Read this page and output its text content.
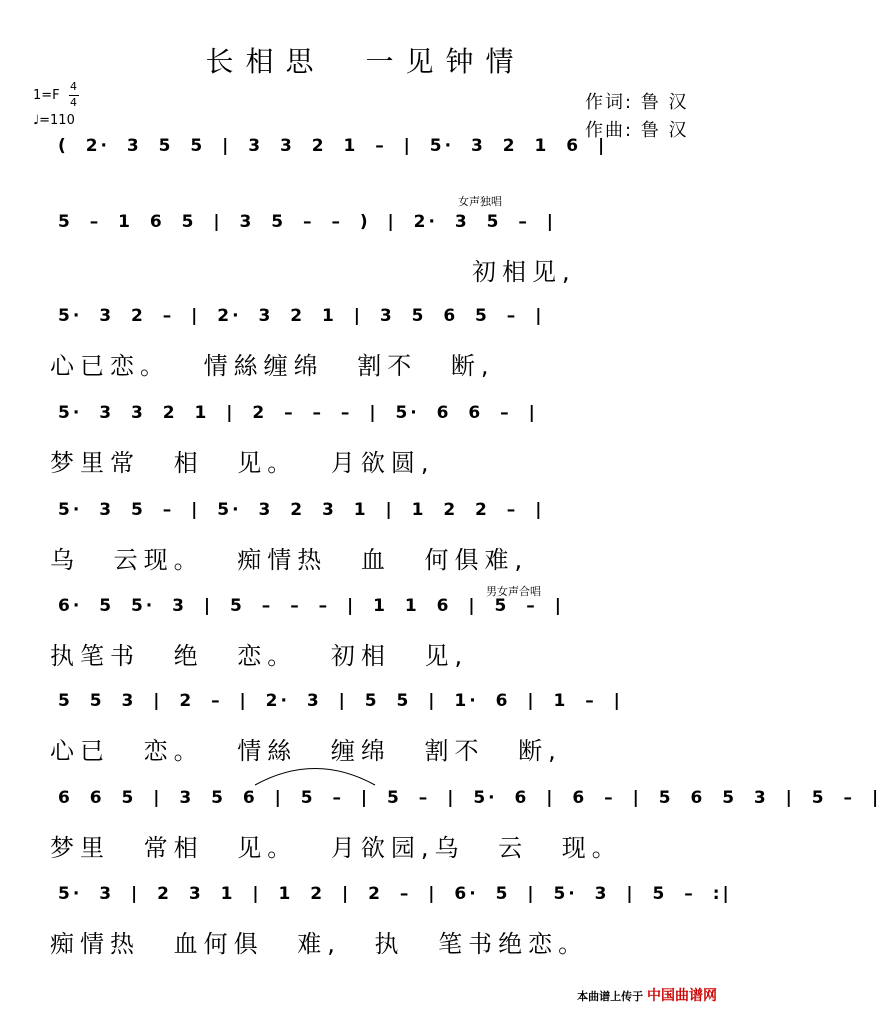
长相思　一见钟情
1=F
4
4
♩=110
作词: 鲁 汉
作曲: 鲁 汉
( 2· 3 5 5 | 3 3 2 1 – | 5· 3 2 1 6 |
5 – 1 6 5 | 3 5 – – ) | 2· 3 5 – |
初相见,
5· 3 2 – | 2· 3 2 1 | 3 5 6 5 – |
心已恋。 情絲缠绵 割不 断,
5· 3 3 2 1 | 2 – – – | 5· 6 6 – |
梦里常 相 见。 月欲圆,
5· 3 5 – | 5· 3 2 3 1 | 1 2 2 – |
乌 云现。 痴情热 血 何俱难,
6· 5 5· 3 | 5 – – – | 1 1 6 | 5 – |
执笔书 绝 恋。 初相 见,
5 5 3 | 2 – | 2· 3 | 5 5 | 1· 6 | 1 – |
心已 恋。 情絲 缠绵 割不 断,
6 6 5 | 3 5 6 | 5 – | 5 – | 5· 6 | 6 – | 5 6 5 3 | 5 – |
梦里 常相 见。 月欲园,乌 云 现。
5· 3 | 2 3 1 | 1 2 | 2 – | 6· 5 | 5· 3 | 5 – :|
痴情热 血何俱 难, 执 笔书绝恋。
女声独唱
男女声合唱
本曲谱上传于 中国曲谱网
